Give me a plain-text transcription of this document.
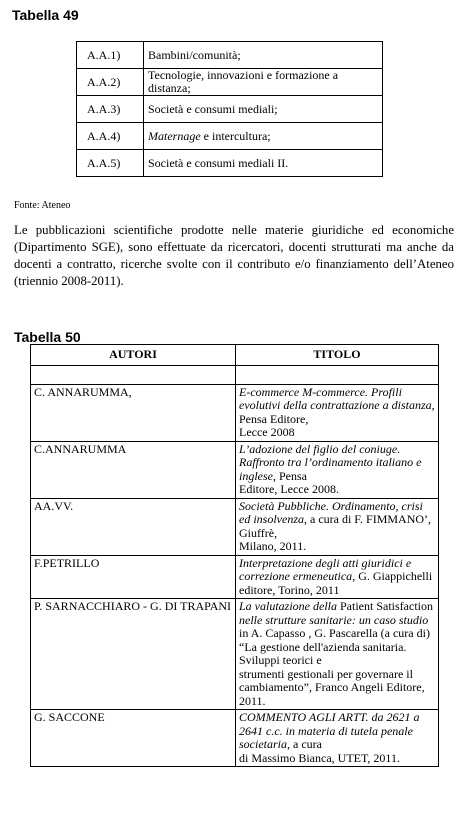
Tabella 49
A.A.1)	Bambini/comunità;
A.A.2)	Tecnologie, innovazioni e formazione a distanza;
A.A.3)	Società e consumi mediali;
A.A.4)	Maternage e intercultura;
A.A.5)	Società e consumi mediali II.
Fonte: Ateneo
Le pubblicazioni scientifiche prodotte nelle materie giuridiche ed economiche (Dipartimento SGE), sono effettuate da ricercatori, docenti strutturati ma anche da docenti a contratto, ricerche svolte con il contributo e/o finanziamento dell’Ateneo (triennio 2008-2011).
Tabella 50
AUTORI	TITOLO

C. ANNARUMMA,	E-commerce M-commerce. Profili evolutivi della contrattazione a distanza, Pensa Editore,
Lecce 2008

C.ANNARUMMA	L’adozione del figlio del coniuge. Raffronto tra l’ordinamento italiano e inglese, Pensa
Editore, Lecce 2008.

AA.VV.	Società Pubbliche. Ordinamento, crisi ed insolvenza, a cura di F. FIMMANO’, Giuffrè,
Milano, 2011.

F.PETRILLO	Interpretazione degli atti giuridici e correzione ermeneutica, G. Giappichelli editore, Torino, 2011
P. SARNACCHIARO - G. DI TRAPANI	La valutazione della Patient Satisfaction nelle strutture sanitarie: un caso studio in A. Capasso , G. Pascarella (a cura di) “La gestione dell'azienda sanitaria. Sviluppi teorici e
strumenti gestionali per governare il cambiamento”, Franco Angeli Editore, 2011.

G. SACCONE	COMMENTO AGLI ARTT. da 2621 a 2641 c.c. in materia di tutela penale societaria, a cura
di Massimo Bianca, UTET, 2011.
